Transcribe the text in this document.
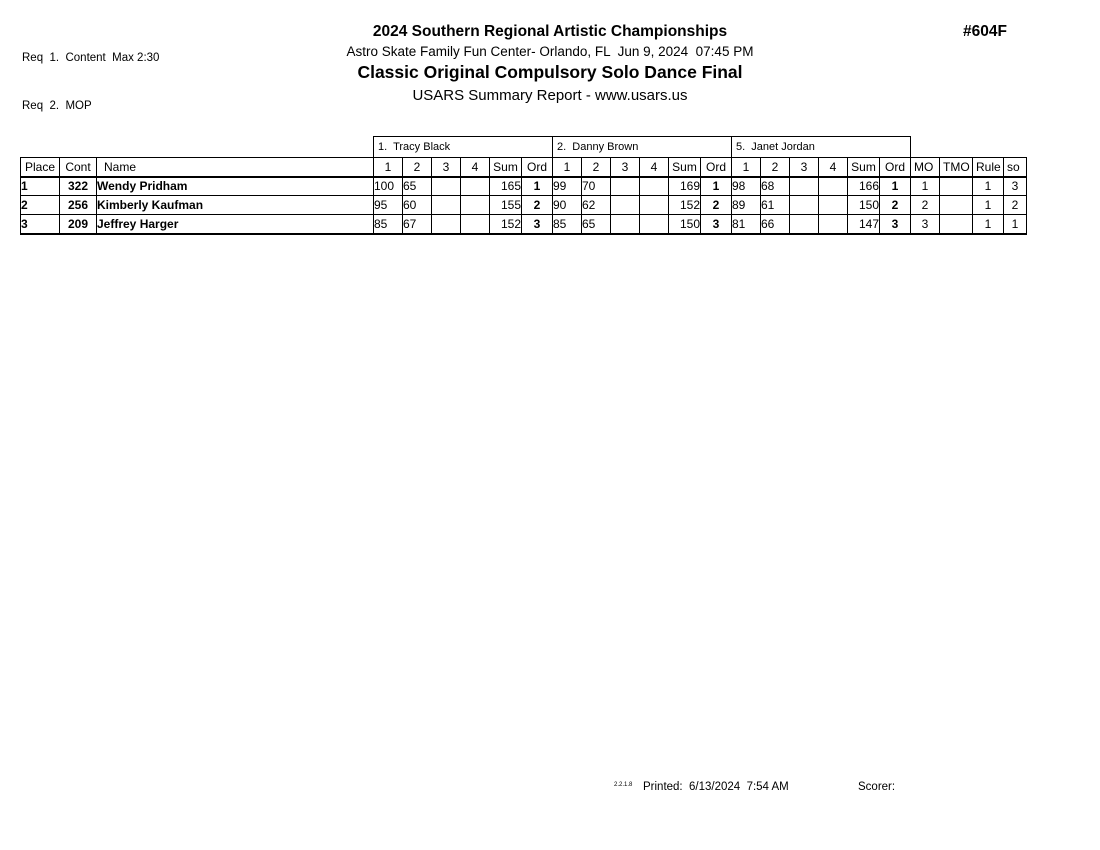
Req  1.  Content  Max 2:30

Req  2.  MOP

#604F
2024 Southern Regional Artistic Championships
Astro Skate Family Fun Center- Orlando, FL  Jun 9, 2024  07:45 PM
Classic Original Compulsory Solo Dance Final
USARS Summary Report - www.usars.us
			1.  Tracy Black						2.  Danny Brown						5.  Janet Jordan									
Place	Cont	Name	1	2	3	4	Sum	Ord	1	2	3	4	Sum	Ord	1	2	3	4	Sum	Ord	MO	TMO	Rule	so
1	322	Wendy Pridham	100	65			165	1	99	70			169	1	98	68			166	1	1		1	3
2	256	Kimberly Kaufman	95	60			155	2	90	62			152	2	89	61			150	2	2		1	2
3	209	Jeffrey Harger	85	67			152	3	85	65			150	3	81	66			147	3	3		1	1
2.2.1.8 Printed:  6/13/2024  7:54 AM	Scorer:
